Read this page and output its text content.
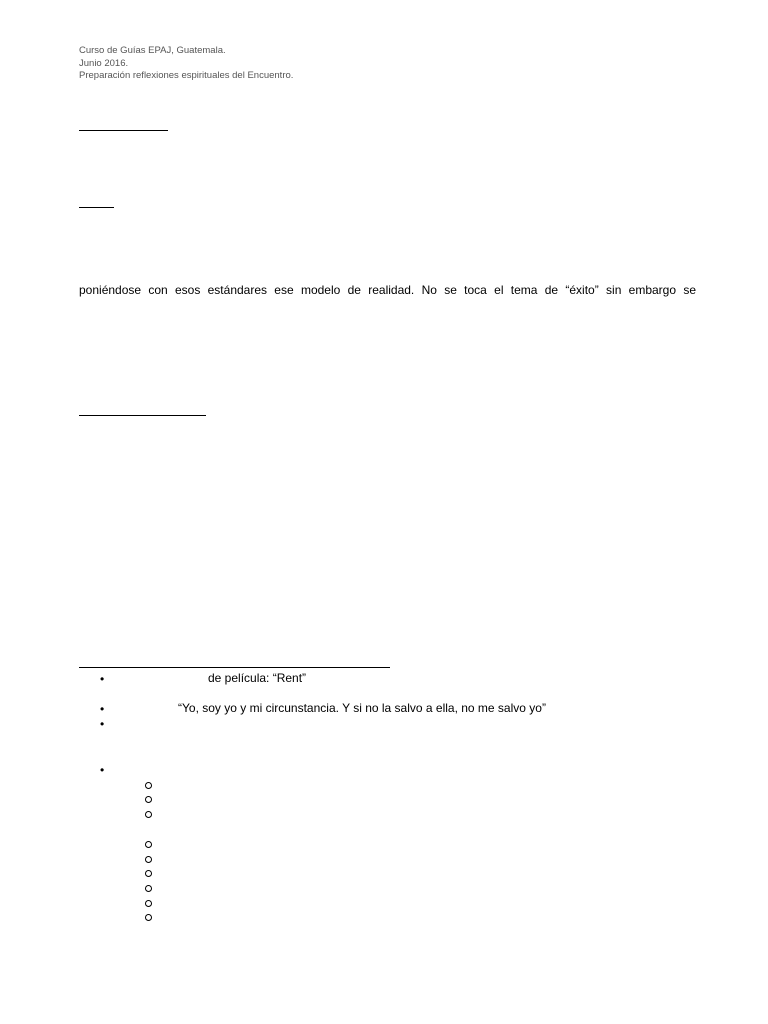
Curso de Guías EPAJ, Guatemala.
Junio 2016.
Preparación reflexiones espirituales del Encuentro.
poniéndose con esos estándares ese modelo de realidad. No se toca el tema de “éxito” sin embargo se
•	de película: “Rent”
•	“Yo, soy yo y mi circunstancia. Y si no la salvo a ella, no me salvo yo”
•
•
